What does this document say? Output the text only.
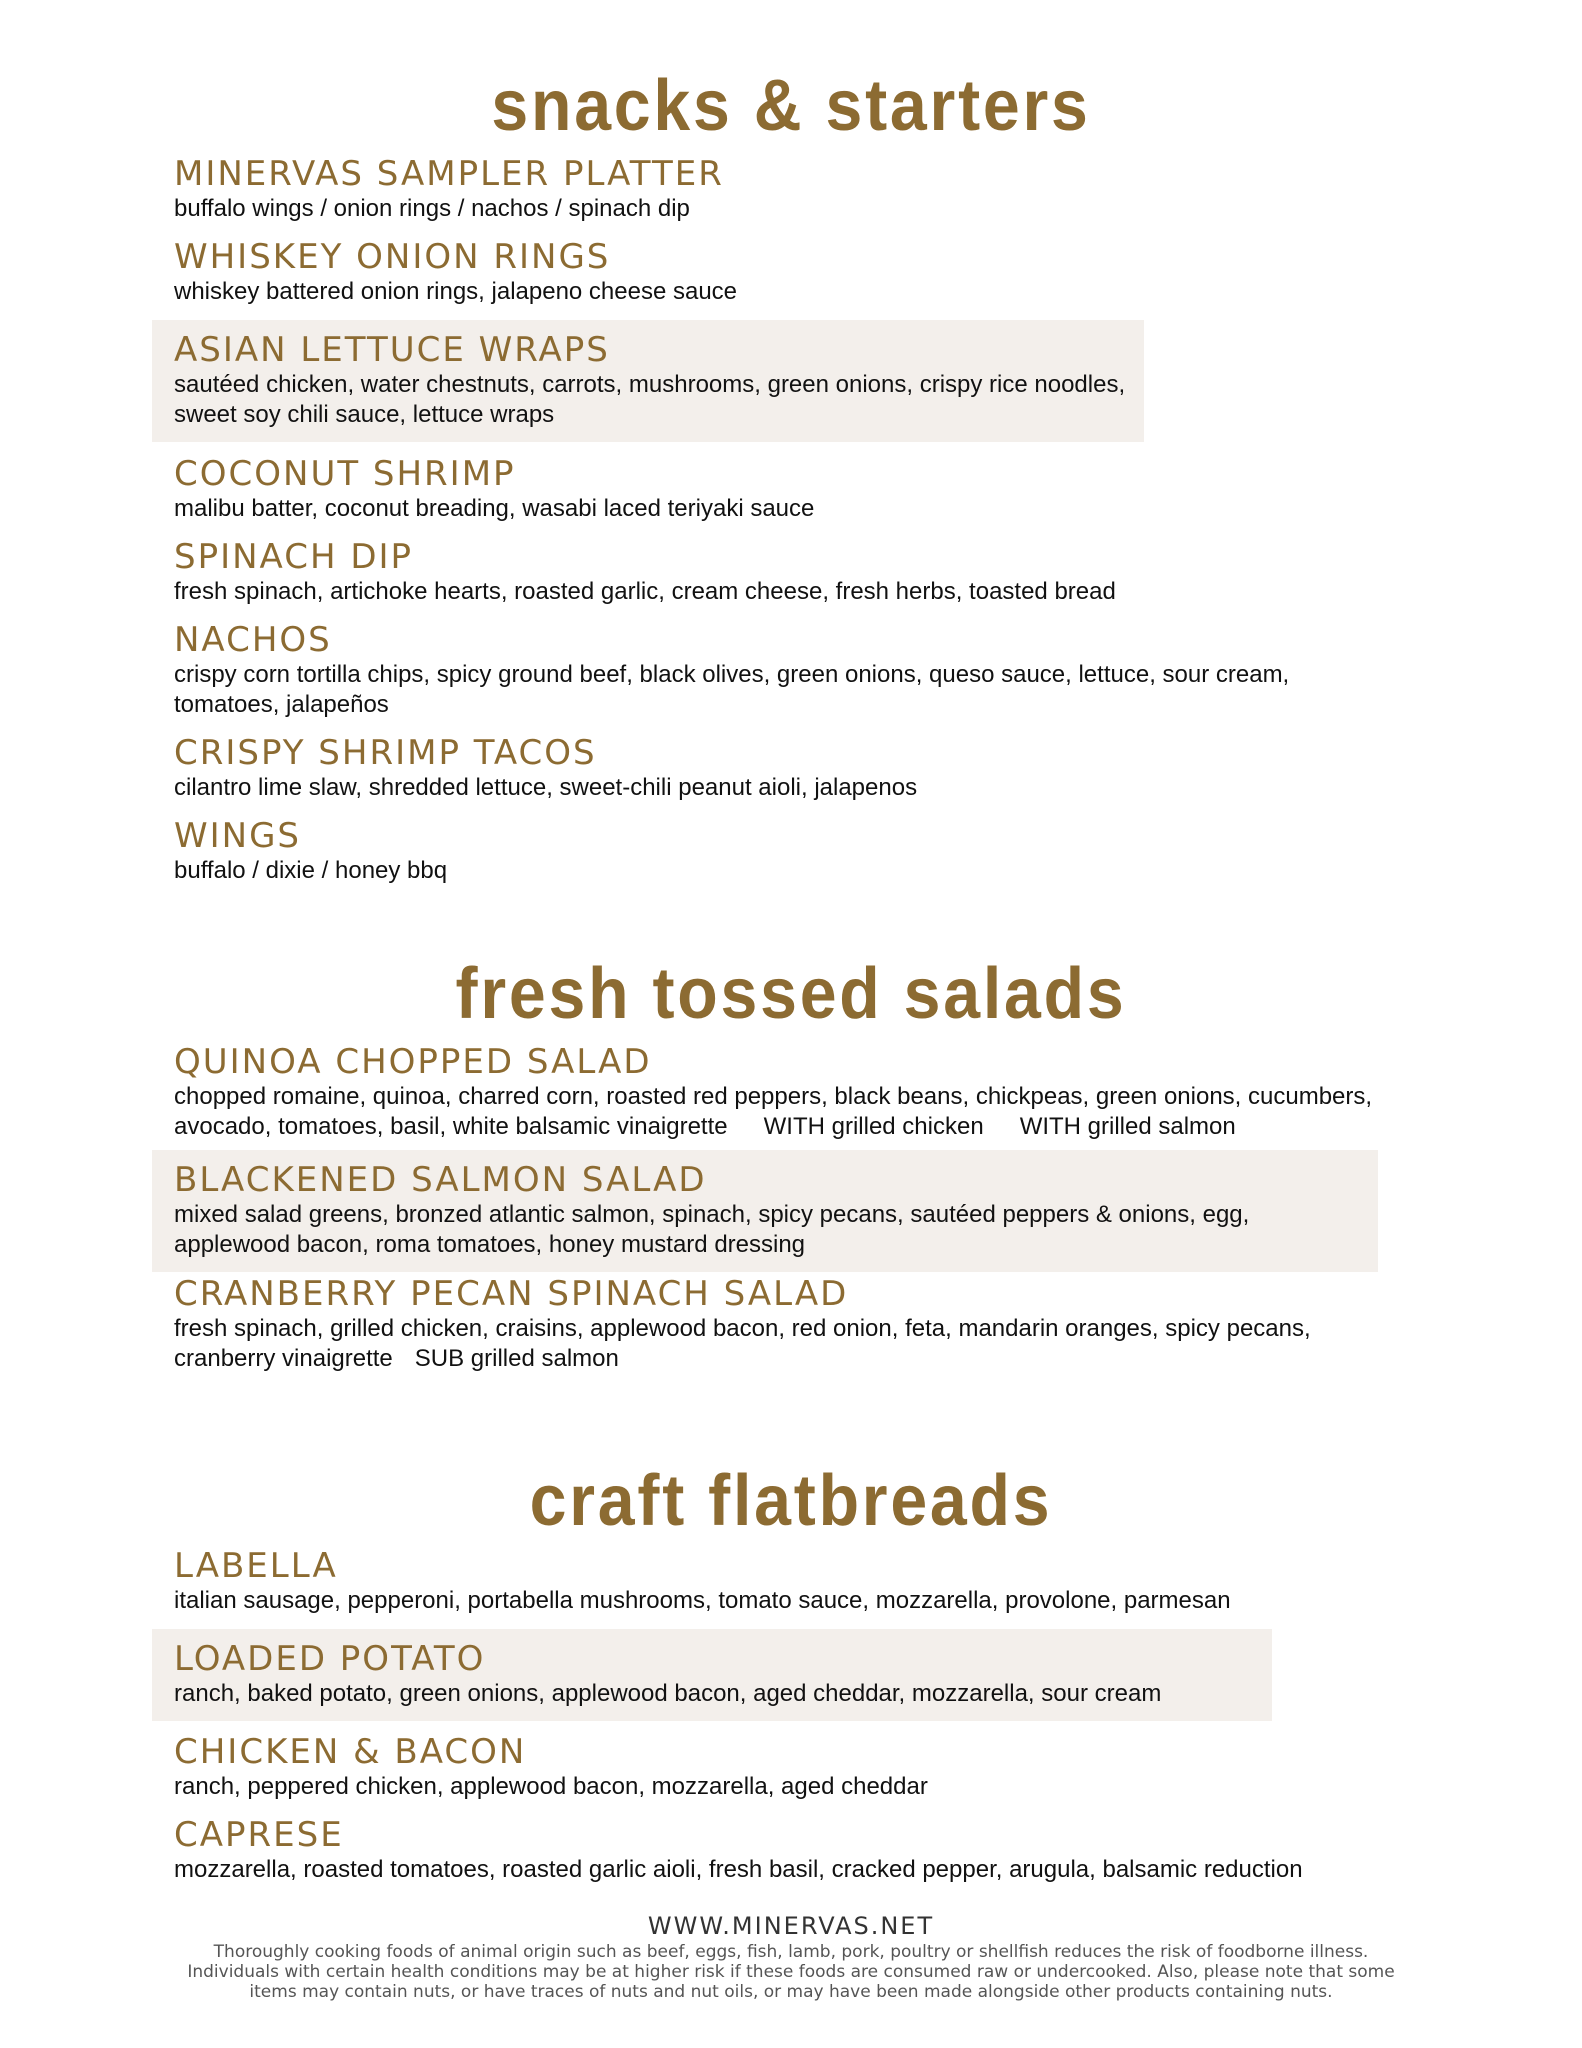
snacks & starters

MINERVAS SAMPLER PLATTER

buffalo wings / onion rings / nachos / spinach dip

WHISKEY ONION RINGS

whiskey battered onion rings, jalapeno cheese sauce

ASIAN LETTUCE WRAPS

sautéed chicken, water chestnuts, carrots, mushrooms, green onions, crispy rice noodles,

sweet soy chili sauce, lettuce wraps

COCONUT SHRIMP

malibu batter, coconut breading, wasabi laced teriyaki sauce

SPINACH DIP

fresh spinach, artichoke hearts, roasted garlic, cream cheese, fresh herbs, toasted bread

NACHOS

crispy corn tortilla chips, spicy ground beef, black olives, green onions, queso sauce, lettuce, sour cream,

tomatoes, jalapeños

CRISPY SHRIMP TACOS

cilantro lime slaw, shredded lettuce, sweet-chili peanut aioli, jalapenos

WINGS

buffalo / dixie / honey bbq

fresh tossed salads

QUINOA CHOPPED SALAD

chopped romaine, quinoa, charred corn, roasted red peppers, black beans, chickpeas, green onions, cucumbers,

avocado, tomatoes, basil, white balsamic vinaigrette WITH grilled chicken WITH grilled salmon

BLACKENED SALMON SALAD

mixed salad greens, bronzed atlantic salmon, spinach, spicy pecans, sautéed peppers & onions, egg,

applewood bacon, roma tomatoes, honey mustard dressing

CRANBERRY PECAN SPINACH SALAD

fresh spinach, grilled chicken, craisins, applewood bacon, red onion, feta, mandarin oranges, spicy pecans,

cranberry vinaigrette SUB grilled salmon

craft flatbreads

LABELLA

italian sausage, pepperoni, portabella mushrooms, tomato sauce, mozzarella, provolone, parmesan

LOADED POTATO

ranch, baked potato, green onions, applewood bacon, aged cheddar, mozzarella, sour cream

CHICKEN & BACON

ranch, peppered chicken, applewood bacon, mozzarella, aged cheddar

CAPRESE

mozzarella, roasted tomatoes, roasted garlic aioli, fresh basil, cracked pepper, arugula, balsamic reduction

WWW.MINERVAS.NET

Thoroughly cooking foods of animal origin such as beef, eggs, fish, lamb, pork, poultry or shellfish reduces the risk of foodborne illness. Individuals with certain health conditions may be at higher risk if these foods are consumed raw or undercooked. Also, please note that some items may contain nuts, or have traces of nuts and nut oils, or may have been made alongside other products containing nuts.
